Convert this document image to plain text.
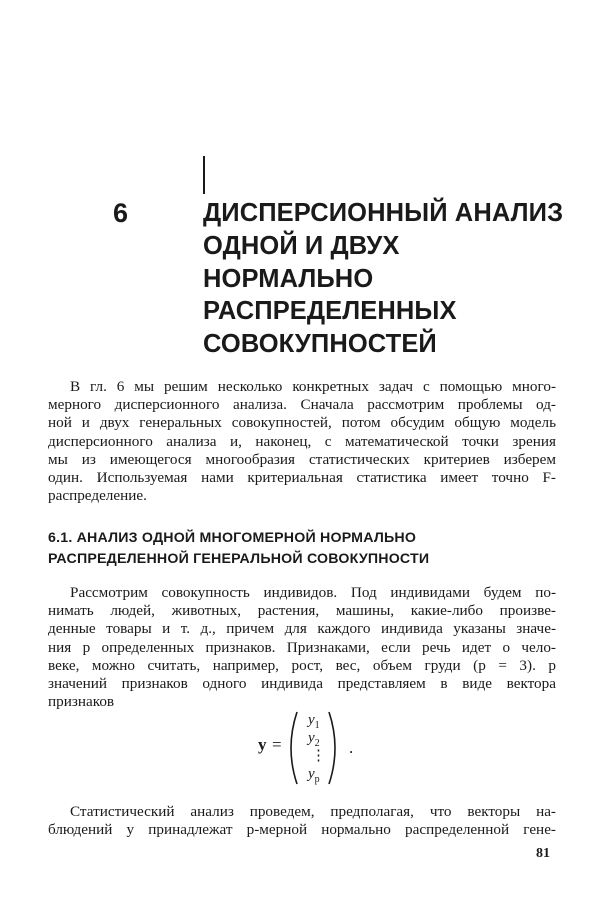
6	ДИСПЕРСИОННЫЙ АНАЛИЗ
ОДНОЙ И ДВУХ
НОРМАЛЬНО
РАСПРЕДЕЛЕННЫХ
СОВОКУПНОСТЕЙ
В гл. 6 мы решим несколько конкретных задач с помощью много-
мерного дисперсионного анализа. Сначала рассмотрим проблемы од-
ной и двух генеральных совокупностей, потом обсудим общую модель
дисперсионного анализа и, наконец, с математической точки зрения
мы из имеющегося многообразия статистических критериев изберем
один. Используемая нами критериальная статистика имеет точно F-
распределение.
6.1. АНАЛИЗ ОДНОЙ МНОГОМЕРНОЙ НОРМАЛЬНО
РАСПРЕДЕЛЕННОЙ ГЕНЕРАЛЬНОЙ СОВОКУПНОСТИ
Рассмотрим совокупность индивидов. Под индивидами будем по-
нимать людей, животных, растения, машины, какие-либо произве-
денные товары и т. д., причем для каждого индивида указаны значе-
ния p определенных признаков. Признаками, если речь идет о чело-
веке, можно считать, например, рост, вес, объем груди (p = 3). p
значений признаков одного индивида представляем в виде вектора
признаков
y =
$y_1$
$y_2$
⋮
$y_p$
.
Статистический анализ проведем, предполагая, что векторы на-
блюдений y принадлежат p-мерной нормально распределенной гене-
81
